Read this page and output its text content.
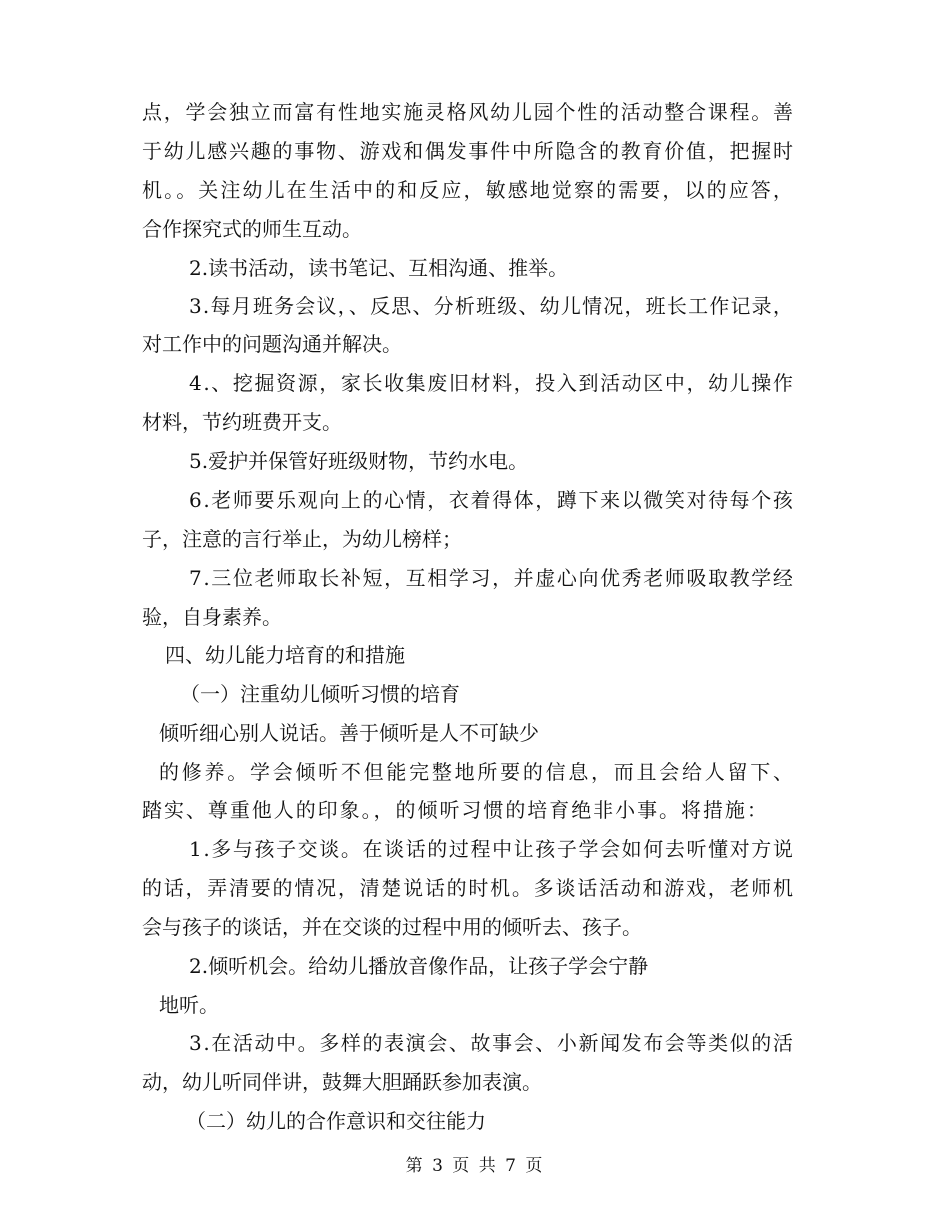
点，学会独立而富有性地实施灵格风幼儿园个性的活动整合课程。善
于幼儿感兴趣的事物、游戏和偶发事件中所隐含的教育价值，把握时
机。。关注幼儿在生活中的和反应，敏感地觉察的需要，以的应答，
合作探究式的师生互动。
2.读书活动，读书笔记、互相沟通、推举。
3.每月班务会议，、反思、分析班级、幼儿情况，班长工作记录，
对工作中的问题沟通并解决。
4.、挖掘资源，家长收集废旧材料，投入到活动区中，幼儿操作
材料，节约班费开支。
5.爱护并保管好班级财物，节约水电。
6.老师要乐观向上的心情，衣着得体，蹲下来以微笑对待每个孩
子，注意的言行举止，为幼儿榜样；
7.三位老师取长补短，互相学习，并虚心向优秀老师吸取教学经
验，自身素养。
四、幼儿能力培育的和措施
（一）注重幼儿倾听习惯的培育
倾听细心别人说话。善于倾听是人不可缺少
的修养。学会倾听不但能完整地所要的信息，而且会给人留下、
踏实、尊重他人的印象。，的倾听习惯的培育绝非小事。将措施：
1.多与孩子交谈。在谈话的过程中让孩子学会如何去听懂对方说
的话，弄清要的情况，清楚说话的时机。多谈话活动和游戏，老师机
会与孩子的谈话，并在交谈的过程中用的倾听去、孩子。
2.倾听机会。给幼儿播放音像作品，让孩子学会宁静
地听。
3.在活动中。多样的表演会、故事会、小新闻发布会等类似的活
动，幼儿听同伴讲，鼓舞大胆踊跃参加表演。
（二）幼儿的合作意识和交往能力
第 3 页 共 7 页
